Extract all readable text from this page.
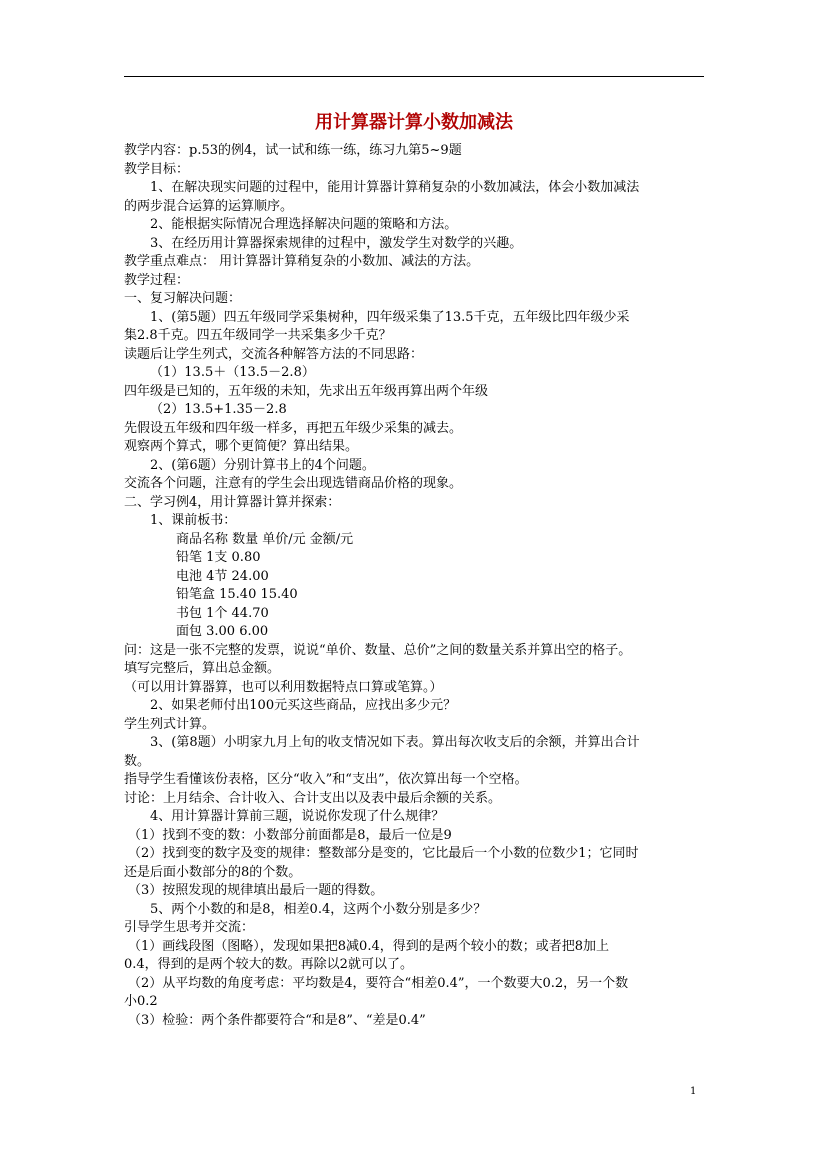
用计算器计算小数加减法
教学内容：p.53的例4，试一试和练一练，练习九第5~9题
教学目标：
1、在解决现实问题的过程中，能用计算器计算稍复杂的小数加减法，体会小数加减法
的两步混合运算的运算顺序。
2、能根据实际情况合理选择解决问题的策略和方法。
3、在经历用计算器探索规律的过程中，激发学生对数学的兴趣。
教学重点难点： 用计算器计算稍复杂的小数加、减法的方法。
教学过程：
一、复习解决问题：
1、(第5题）四五年级同学采集树种，四年级采集了13.5千克，五年级比四年级少采
集2.8千克。四五年级同学一共采集多少千克？
读题后让学生列式，交流各种解答方法的不同思路：
（1）13.5＋（13.5－2.8）
四年级是已知的，五年级的未知，先求出五年级再算出两个年级
（2）13.5+1.35－2.8
先假设五年级和四年级一样多，再把五年级少采集的减去。
观察两个算式，哪个更简便？算出结果。
2、(第6题）分别计算书上的4个问题。
交流各个问题，注意有的学生会出现选错商品价格的现象。
二、学习例4，用计算器计算并探索：
1、课前板书：
商品名称 数量 单价/元 金额/元
铅笔 1支 0.80
电池 4节 24.00
铅笔盒 15.40 15.40
书包 1个 44.70
面包 3.00 6.00
问：这是一张不完整的发票，说说“单价、数量、总价”之间的数量关系并算出空的格子。
填写完整后，算出总金额。
（可以用计算器算，也可以利用数据特点口算或笔算。）
2、如果老师付出100元买这些商品，应找出多少元？
学生列式计算。
3、(第8题）小明家九月上旬的收支情况如下表。算出每次收支后的余额，并算出合计
数。
指导学生看懂该份表格，区分“收入”和“支出”，依次算出每一个空格。
讨论：上月结余、合计收入、合计支出以及表中最后余额的关系。
4、用计算器计算前三题，说说你发现了什么规律？
（1）找到不变的数：小数部分前面都是8，最后一位是9
（2）找到变的数字及变的规律：整数部分是变的，它比最后一个小数的位数少1；它同时
还是后面小数部分的8的个数。
（3）按照发现的规律填出最后一题的得数。
5、两个小数的和是8，相差0.4，这两个小数分别是多少？
引导学生思考并交流：
（1）画线段图（图略），发现如果把8减0.4，得到的是两个较小的数；或者把8加上
0.4，得到的是两个较大的数。再除以2就可以了。
（2）从平均数的角度考虑：平均数是4，要符合“相差0.4”，一个数要大0.2，另一个数
小0.2
（3）检验：两个条件都要符合“和是8”、“差是0.4”
1
